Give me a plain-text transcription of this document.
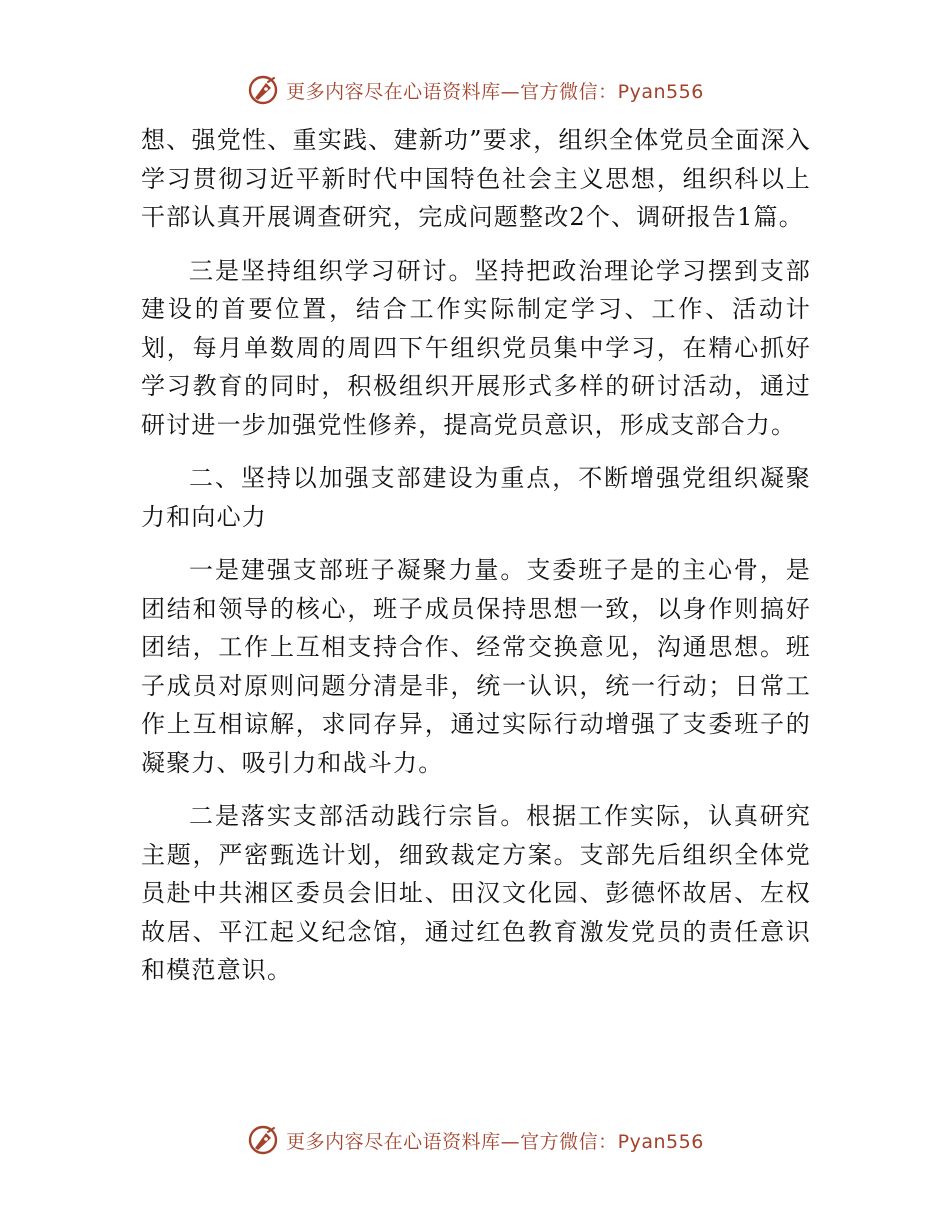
更多内容尽在心语资料库—官方微信：Pyan556

想、强党性、重实践、建新功”要求，组织全体党员全面深入学习贯彻习近平新时代中国特色社会主义思想，组织科以上干部认真开展调查研究，完成问题整改2个、调研报告1篇。

三是坚持组织学习研讨。坚持把政治理论学习摆到支部建设的首要位置，结合工作实际制定学习、工作、活动计划，每月单数周的周四下午组织党员集中学习，在精心抓好学习教育的同时，积极组织开展形式多样的研讨活动，通过研讨进一步加强党性修养，提高党员意识，形成支部合力。

二、坚持以加强支部建设为重点，不断增强党组织凝聚力和向心力

一是建强支部班子凝聚力量。支委班子是的主心骨，是团结和领导的核心，班子成员保持思想一致，以身作则搞好团结，工作上互相支持合作、经常交换意见，沟通思想。班子成员对原则问题分清是非，统一认识，统一行动；日常工作上互相谅解，求同存异，通过实际行动增强了支委班子的凝聚力、吸引力和战斗力。

二是落实支部活动践行宗旨。根据工作实际，认真研究主题，严密甄选计划，细致裁定方案。支部先后组织全体党员赴中共湘区委员会旧址、田汉文化园、彭德怀故居、左权故居、平江起义纪念馆，通过红色教育激发党员的责任意识和模范意识。

更多内容尽在心语资料库—官方微信：Pyan556
